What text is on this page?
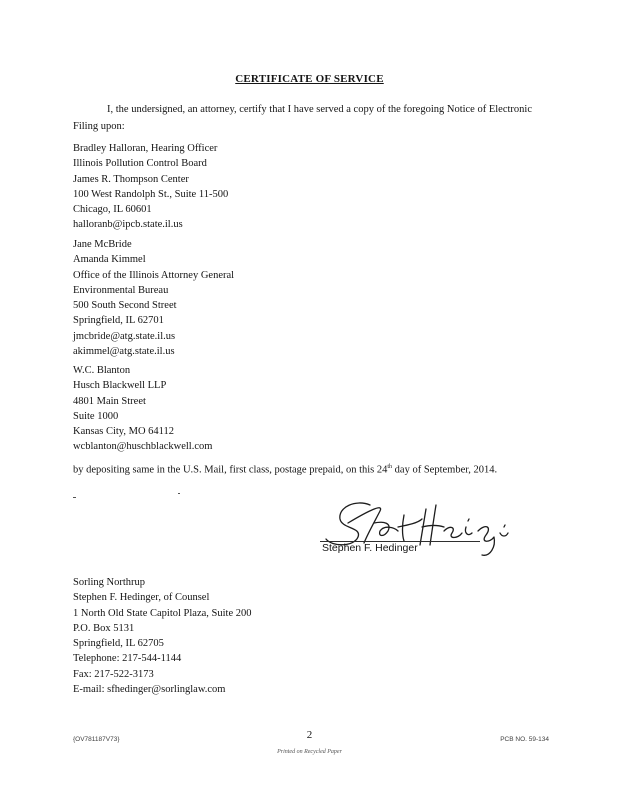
CERTIFICATE OF SERVICE
I, the undersigned, an attorney, certify that I have served a copy of the foregoing Notice of Electronic Filing upon:
Bradley Halloran, Hearing Officer
Illinois Pollution Control Board
James R. Thompson Center
100 West Randolph St., Suite 11-500
Chicago, IL 60601
halloranb@ipcb.state.il.us
Jane McBride
Amanda Kimmel
Office of the Illinois Attorney General
Environmental Bureau
500 South Second Street
Springfield, IL 62701
jmcbride@atg.state.il.us
akimmel@atg.state.il.us
W.C. Blanton
Husch Blackwell LLP
4801 Main Street
Suite 1000
Kansas City, MO 64112
wcblanton@huschblackwell.com
by depositing same in the U.S. Mail, first class, postage prepaid, on this 24th day of September, 2014.
Stephen F. Hedinger
Sorling Northrup
Stephen F. Hedinger, of Counsel
1 North Old State Capitol Plaza, Suite 200
P.O. Box 5131
Springfield, IL 62705
Telephone: 217-544-1144
Fax: 217-522-3173
E-mail: sfhedinger@sorlinglaw.com
{OV781187V73}	2	PCB NO. 59-134
Printed on Recycled Paper
